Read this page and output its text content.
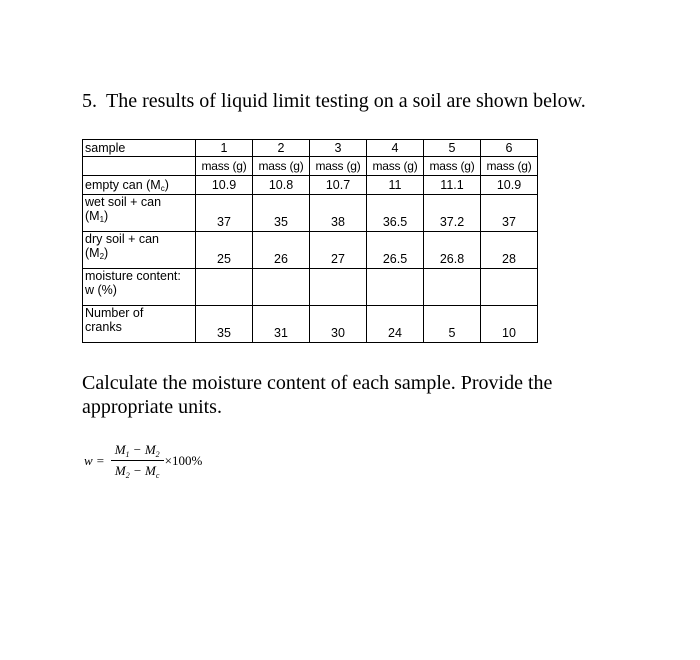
5. The results of liquid limit testing on a soil are shown below.
sample	1	2	3	4	5	6
	mass (g)	mass (g)	mass (g)	mass (g)	mass (g)	mass (g)
empty can $(M_c)$	10.9	10.8	10.7	11	11.1	10.9
wet soil + can
$(M_1)$	37	35	38	36.5	37.2	37
dry soil + can
$(M_2)$	25	26	27	26.5	26.8	28
moisture content:
w (%)						
Number of
cranks	35	31	30	24	5	10
Calculate the moisture content of each sample. Provide the appropriate units.
$w = \frac{M_1 - M_2}{M_2 - M_c} \times 100\%$
